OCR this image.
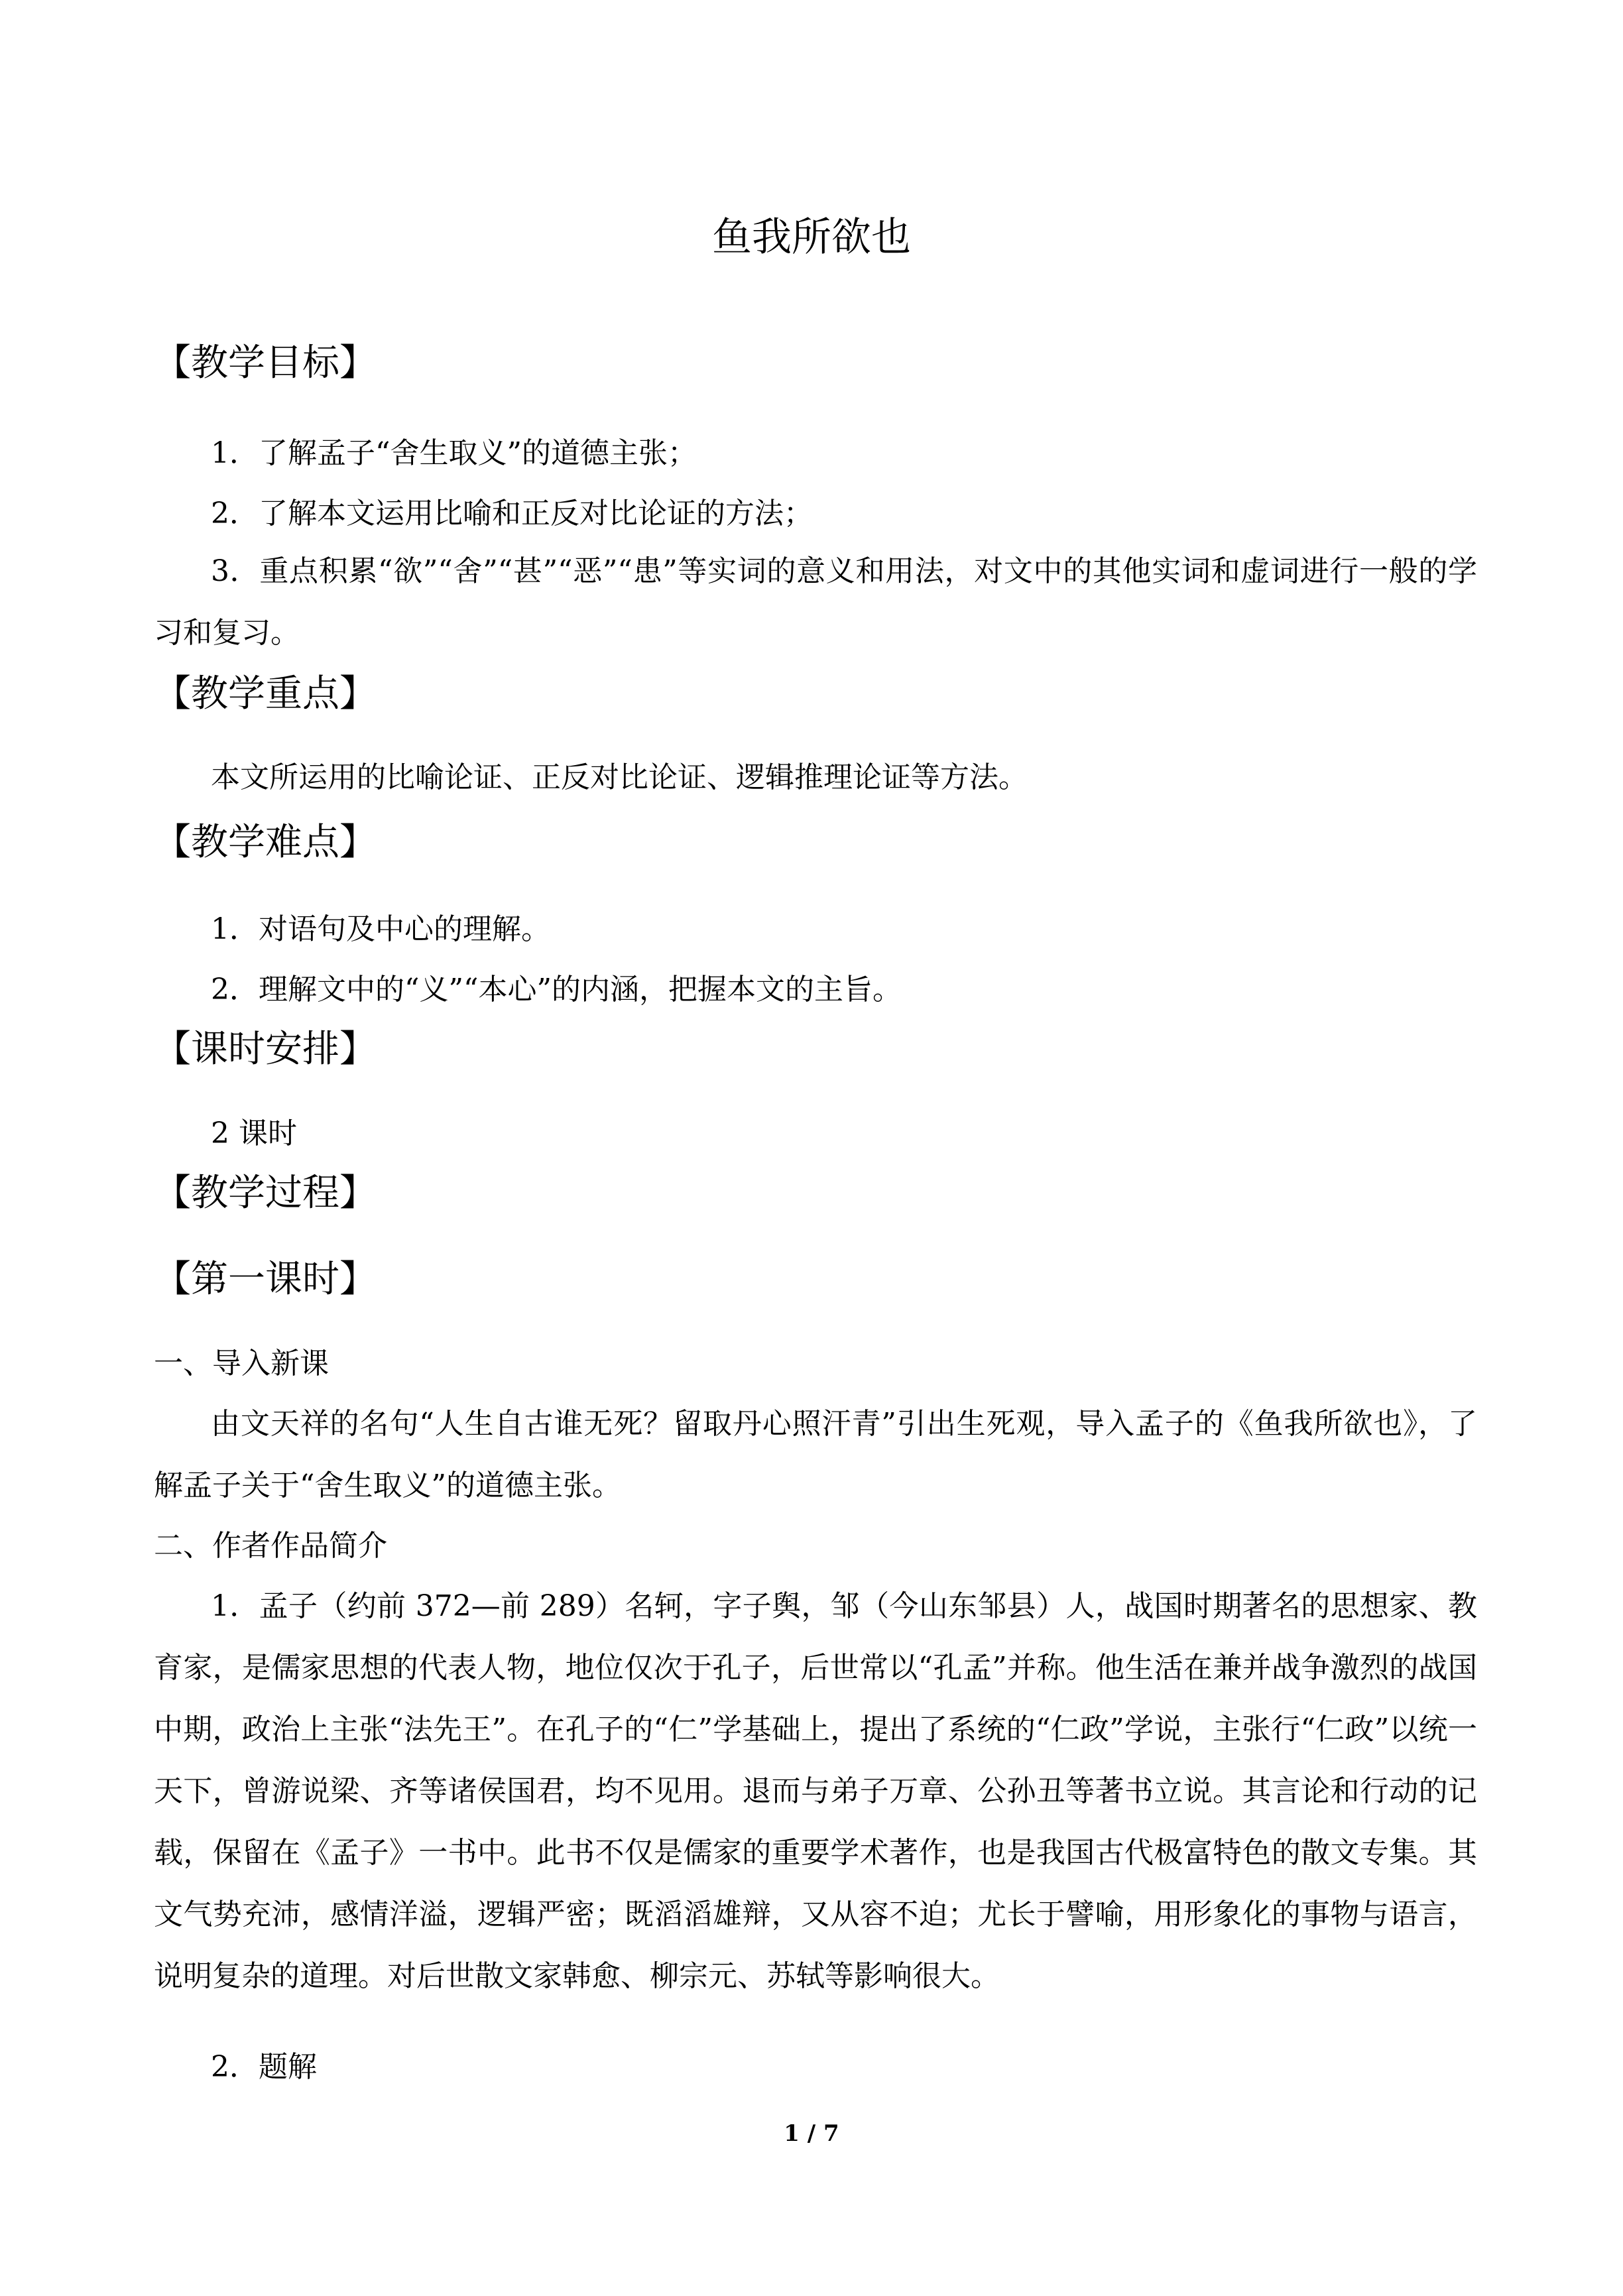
鱼我所欲也
【教学目标】
1．了解孟子“舍生取义”的道德主张；
2．了解本文运用比喻和正反对比论证的方法；
3．重点积累“欲”“舍”“甚”“恶”“患”等实词的意义和用法，对文中的其他实词和虚词进行一般的学习和复习。
【教学重点】
本文所运用的比喻论证、正反对比论证、逻辑推理论证等方法。
【教学难点】
1．对语句及中心的理解。
2．理解文中的“义”“本心”的内涵，把握本文的主旨。
【课时安排】
2 课时
【教学过程】
【第一课时】
一、导入新课
由文天祥的名句“人生自古谁无死？留取丹心照汗青”引出生死观，导入孟子的《鱼我所欲也》，了解孟子关于“舍生取义”的道德主张。
二、作者作品简介
1．孟子（约前 372—前 289）名轲，字子舆，邹（今山东邹县）人，战国时期著名的思想家、教育家，是儒家思想的代表人物，地位仅次于孔子，后世常以“孔孟”并称。他生活在兼并战争激烈的战国中期，政治上主张“法先王”。在孔子的“仁”学基础上，提出了系统的“仁政”学说，主张行“仁政”以统一天下，曾游说梁、齐等诸侯国君，均不见用。退而与弟子万章、公孙丑等著书立说。其言论和行动的记载，保留在《孟子》一书中。此书不仅是儒家的重要学术著作，也是我国古代极富特色的散文专集。其文气势充沛，感情洋溢，逻辑严密；既滔滔雄辩，又从容不迫；尤长于譬喻，用形象化的事物与语言，说明复杂的道理。对后世散文家韩愈、柳宗元、苏轼等影响很大。
2．题解
1 / 7
